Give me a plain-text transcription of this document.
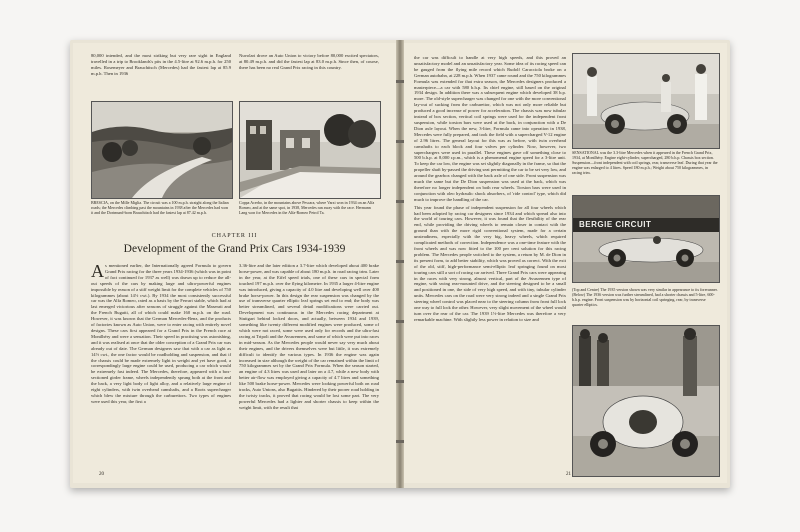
80,000 intended, and the most striking but very rare sight in England travelled in a trip to Brooklands's pits in the 4.5-litre at 92.6 m.p.h. for 250 miles. Rosemeyer and Brauchitsch (Mercedes) had the fastest lap at 85.9 m.p.h. Then in 1936

Nuvolari drove an Auto Union to victory before 80,000 excited spectators, at 80.49 m.p.h. and did the fastest lap at 83.0 m.p.h. Since then, of course, there has been no real Grand Prix racing in this country.

BRESCIA, on the Mille Miglia. The circuit was a 100 m.p.h. straight along the Italian roads; the Mercedes climbing past the mountains in 1938 after the Mercedes had won it and the Dortmund-born Brauchitsch had the fastest lap at 87.42 m.p.h.
Coppa Acerbo, in the mountains above Pescara, where Varzi won in 1934 on an Alfa Romeo, and at the same spot, in 1938, Mercedes ran away with the race. Hermann Lang won for Mercedes in the Alfa-Romeo Petrol Ta.
CHAPTER III
Development of the Grand Prix Cars 1934-1939

As mentioned earlier, the Internationally agreed Formula to govern Grand Prix racing for the three years 1934-1936 (which was in point of fact continued for 1937 as well) was drawn up to reduce the all-out speeds of the cars by making large and ultra-powerful engines impossible by reason of a stiff weight limit for the complete vehicles of 750 kilogrammes (about 14½ cwt.). By 1934 the most consistently successful car was the Alfa Romeo, rated as a basis by the Ferrari stable, which had at last emerged victorious after seasons of struggle against the Maserati and the French Bugatti, all of which could make 160 m.p.h. on the road. However, it was known that the German Mercedes-Benz, and the products of factories known as Auto Union, were to enter racing with entirely novel designs. These cars first appeared for a Grand Prix in the French race at Montlhéry and were a sensation. Their speed in practising was astonishing, and it was realised at once that the older conception of a Grand Prix car was already out of date. The German designers saw that with a car as light as 14½ cwt., the one factor would be roadholding and suspension, and that if the chassis could be made extremely light in weight and yet have good, a correspondingly large engine could be used, producing a car which would be extremely fast indeed. The Mercedes, therefore, appeared with a box-sectioned girder frame, wheels independently sprung both at the front and the back, a very light body of light alloy, and a relatively large engine of eight cylinders, with twin overhead camshafts, and a Roots supercharger which blew the mixture through the carburettors. Two types of engines were used this year, the first a

3.36-litre and the later edition a 3.7-litre which developed about 400 brake horse-power, and was capable of about 180 m.p.h. in road racing trim. Later in the year, at the Eifel speed trials, one of these cars in special form touched 197 m.p.h. over the flying kilometre. In 1935 a larger 4-litre engine was introduced, giving a capacity of 4.0 litre and developing well over 400 brake horse-power. In this design the rear suspension was changed by the use of transverse quarter elliptic leaf springs set end to end; the body was better streamlined, and several detail modifications were carried out. Development was continuous in the Mercedes racing department at Stuttgart behind locked doors, and actually, between 1934 and 1939, something like twenty different modified engines were produced, some of which were not raced, some were used only for records and the ultra-fast racing at Tripoli and the Avusrennen, and some of which were put into races in mid-season. As the Mercedes people would never say very much about their engines, and the drivers themselves were but little, it was extremely difficult to identify the various types. In 1936 the engine was again increased in size although the weight of the car remained within the limit of 750 kilogrammes set by the Grand Prix Formula. When the season started, an engine of 4.3 litres was used and later on a 4.7, while a new body with better air-flow was employed giving a capacity of 4.7 litres and something like 500 brake horse-power. Mercedes were looking powerful both on road tracks, Auto Unions, also Bugattis. Hindered by their poorer road holding in the twisty tracks, it proved that racing would be lost some part. The very powerful Mercedes had a lighter and shorter chassis to keep within the weight limit, with the result that

20

the car was difficult to handle at very high speeds, and this proved an unsatisfactory model and an unsatisfactory year. Some idea of its racing speed can be gauged from the flying mile record which Rudolf Caracciola broke on a German autobahn, at 228 m.p.h. When 1937 came round and the 750 kilogrammes Formula was extended for that extra season, the Mercedes designers produced a masterpiece—a car with 580 b.h.p. Its chief engine, still based on the original 1934 design. In addition there was a subsequent engine which developed 38 b.p. more. The old-style supercharger was changed for one with the more conventional lay-out of sucking from the carburettor, which was not only more reliable but produced a good increase of power for acceleration. The chassis was now tubular instead of box section, vertical coil springs were used for the independent front suspension, while torsion bars were used at the back, in conjunction with a De Dion axle layout. When the new, 3-litre, Formula came into operation in 1938, Mercedes were fully prepared, and took the field with a supercharged V-12 engine of 2.96 litres. The general layout for this was as before, with twin overhead camshafts to each block and four valves per cylinder. Now, however, two superchargers were used in parallel. These engines gave off something close to 500 b.h.p. at 8,000 r.p.m., which is a phenomenal engine speed for a 3-litre unit. To keep the car low, the engine was set slightly diagonally in the frame, so that the propeller shaft by-passed the driving seat permitting the car to be set very low, and around the gearbox changed with the back axle of one side. Front suspension was much the same but the De Dion suspension was used at the back, which was therefore no longer independent on both rear wheels. Torsion bars were used in conjunction with oleo hydraulic shock absorbers, of 'ride control' type, which did much to improve the handling of the car.

This year found the phase of independent suspension for all four wheels which had been adopted by racing car designers since 1934 and which spread also into the world of touring cars. However, it was found that the flexibility of the rear end, while providing the driving wheels to remain closer in contact with the ground than with the more rigid conventional system, made for a certain unsteadiness, especially with the very big, heavy wheels, which required complicated methods of correction. Independence was a one-time feature with the front wheels and was now fitted to the 100 per cent solution for this racing problem. The Mercedes people switched to the system, a return by M. de Dion in its present form, to add better stability, which was proved as correct. With the exit of the old, stiff, high-performance semi-elliptic leaf springing found on most touring cars still a sort of racing car arrived. Three Grand Prix cars were appearing in the races with very strong, almost vertical, part of the Avusrennen type of engine, with swing rear-mounted drive, and the steering designed to be a small and positioned in one, the side of very high speed, and with tiny, tubular cylinder units. Mercedes cars on the road were very strong indeed and a single Grand Prix steering wheel control was placed near to the steering column from front full lock one way to full lock the other. However, very slight movement of the wheel would turn over the rear of the car. The 1939 1½-litre Mercedes was therefore a very remarkable machine. With slightly less power in relation to size and

SENSATIONAL was the 3.3-litre Mercedes when it appeared in the French Grand Prix, 1934, at Montlhéry. Engine eight-cylinder, supercharged, 280 b.h.p. Chassis box section. Suspension—front independent with coil springs, rear, transverse leaf. During that year the engine was enlarged to 4 litres. Speed 180 m.p.h.; Weight about 750 kilogrammes, in racing trim.
BERGIE CIRCUIT
(Top and Centre) The 1935 version shown was very similar in appearance to its forerunner. (Below) The 1936 version was further streamlined, had a shorter chassis and 5-litre, 600-b.h.p. engine. Front suspension was by horizontal coil springing, rear, by transverse quarter elliptics.
21
